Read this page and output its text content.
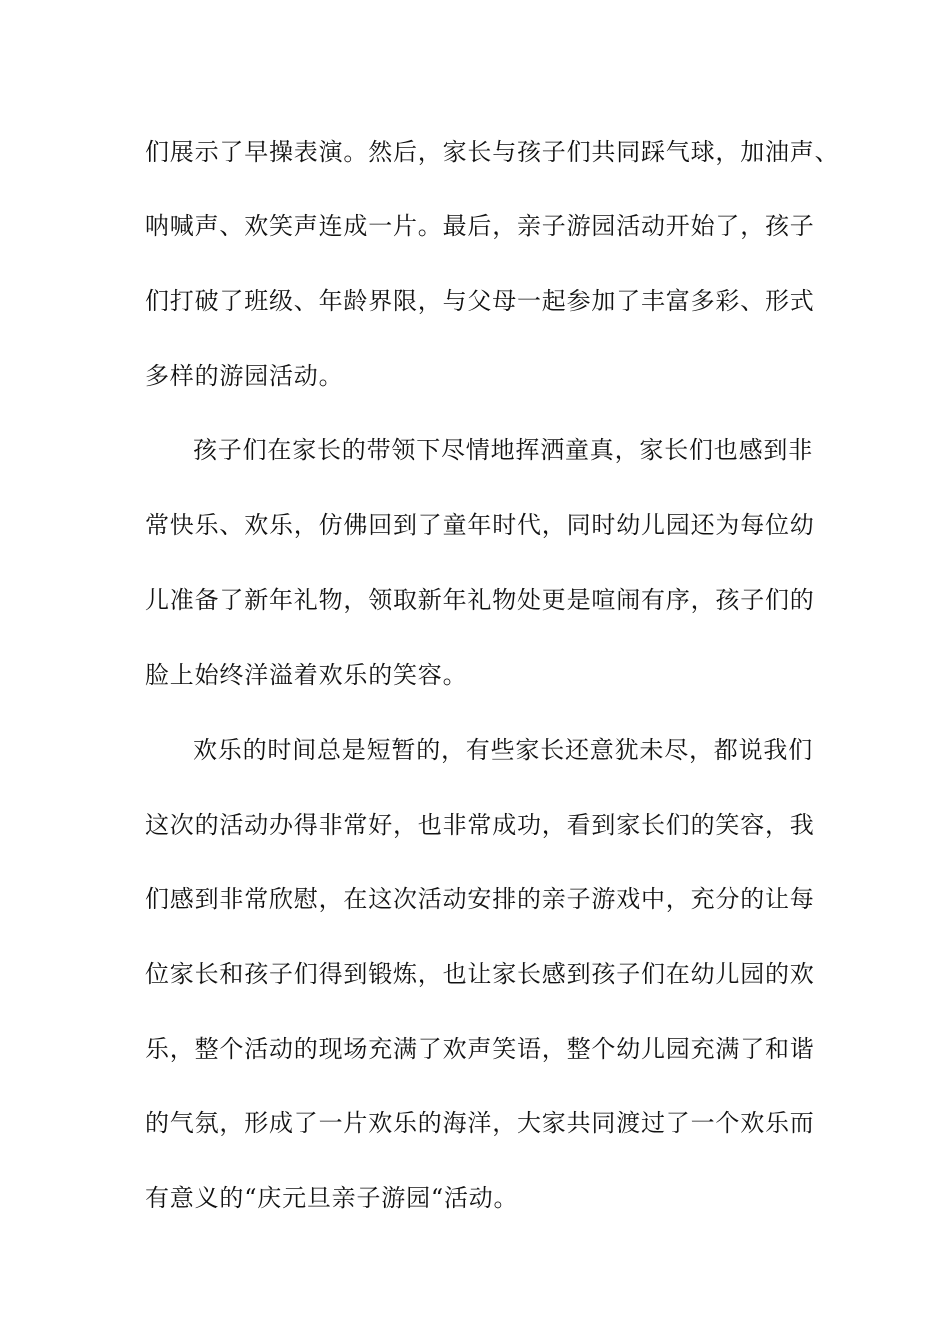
们展示了早操表演。然后，家长与孩子们共同踩气球，加油声、

呐喊声、欢笑声连成一片。最后，亲子游园活动开始了，孩子

们打破了班级、年龄界限，与父母一起参加了丰富多彩、形式

多样的游园活动。

孩子们在家长的带领下尽情地挥洒童真，家长们也感到非

常快乐、欢乐，仿佛回到了童年时代，同时幼儿园还为每位幼

儿准备了新年礼物，领取新年礼物处更是喧闹有序，孩子们的

脸上始终洋溢着欢乐的笑容。

欢乐的时间总是短暂的，有些家长还意犹未尽，都说我们

这次的活动办得非常好，也非常成功，看到家长们的笑容，我

们感到非常欣慰，在这次活动安排的亲子游戏中，充分的让每

位家长和孩子们得到锻炼，也让家长感到孩子们在幼儿园的欢

乐，整个活动的现场充满了欢声笑语，整个幼儿园充满了和谐

的气氛，形成了一片欢乐的海洋，大家共同渡过了一个欢乐而

有意义的“庆元旦亲子游园“活动。
